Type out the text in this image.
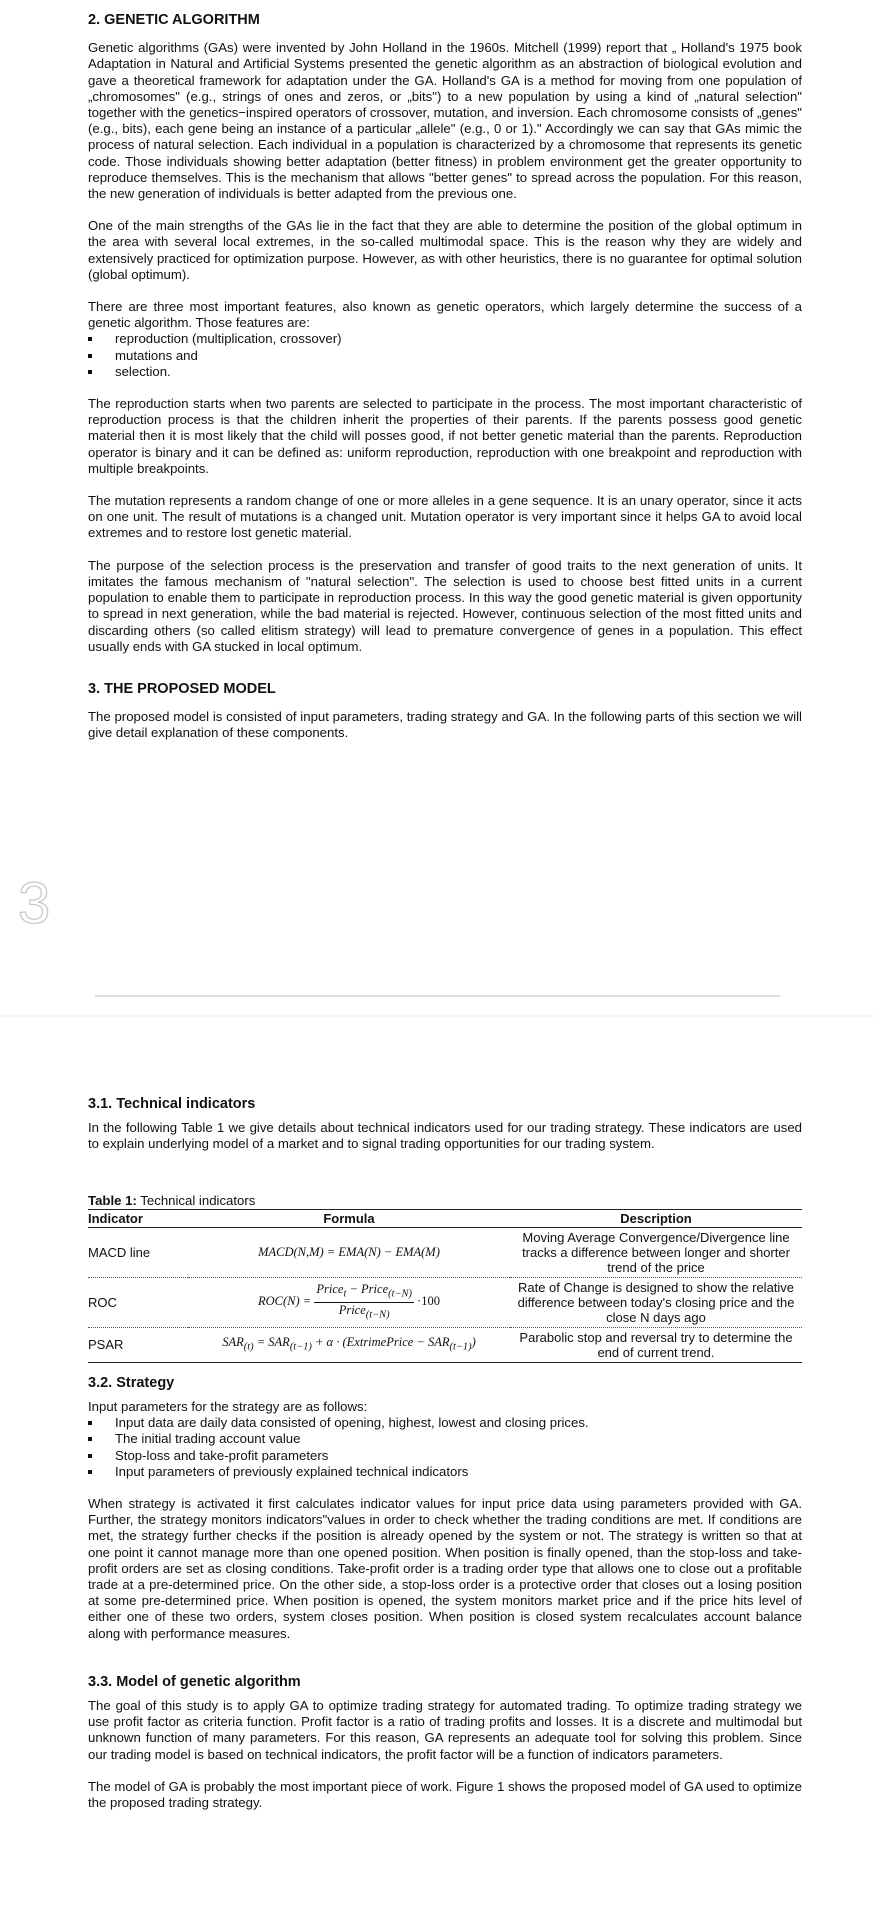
2. GENETIC ALGORITHM

Genetic algorithms (GAs) were invented by John Holland in the 1960s. Mitchell (1999) report that „ Holland's 1975 book Adaptation in Natural and Artificial Systems presented the genetic algorithm as an abstraction of biological evolution and gave a theoretical framework for adaptation under the GA. Holland's GA is a method for moving from one population of „chromosomes" (e.g., strings of ones and zeros, or „bits") to a new population by using a kind of „natural selection" together with the genetics−inspired operators of crossover, mutation, and inversion. Each chromosome consists of „genes" (e.g., bits), each gene being an instance of a particular „allele" (e.g., 0 or 1)." Accordingly we can say that GAs mimic the process of natural selection. Each individual in a population is characterized by a chromosome that represents its genetic code. Those individuals showing better adaptation (better fitness) in problem environment get the greater opportunity to reproduce themselves. This is the mechanism that allows "better genes" to spread across the population. For this reason, the new generation of individuals is better adapted from the previous one.

One of the main strengths of the GAs lie in the fact that they are able to determine the position of the global optimum in the area with several local extremes, in the so-called multimodal space. This is the reason why they are widely and extensively practiced for optimization purpose. However, as with other heuristics, there is no guarantee for optimal solution (global optimum).

There are three most important features, also known as genetic operators, which largely determine the success of a genetic algorithm. Those features are:

reproduction (multiplication, crossover)
mutations and
selection.

The reproduction starts when two parents are selected to participate in the process. The most important characteristic of reproduction process is that the children inherit the properties of their parents. If the parents possess good genetic material then it is most likely that the child will posses good, if not better genetic material than the parents. Reproduction operator is binary and it can be defined as: uniform reproduction, reproduction with one breakpoint and reproduction with multiple breakpoints.

The mutation represents a random change of one or more alleles in a gene sequence. It is an unary operator, since it acts on one unit. The result of mutations is a changed unit. Mutation operator is very important since it helps GA to avoid local extremes and to restore lost genetic material.

The purpose of the selection process is the preservation and transfer of good traits to the next generation of units. It imitates the famous mechanism of "natural selection". The selection is used to choose best fitted units in a current population to enable them to participate in reproduction process. In this way the good genetic material is given opportunity to spread in next generation, while the bad material is rejected. However, continuous selection of the most fitted units and discarding others (so called elitism strategy) will lead to premature convergence of genes in a population. This effect usually ends with GA stucked in local optimum.

3. THE PROPOSED MODEL

The proposed model is consisted of input parameters, trading strategy and GA. In the following parts of this section we will give detail explanation of these components.

3
3.1. Technical indicators

In the following Table 1 we give details about technical indicators used for our trading strategy. These indicators are used to explain underlying model of a market and to signal trading opportunities for our trading system.

Table 1: Technical indicators
Indicator	Formula	Description
MACD line	MACD(N,M) = EMA(N) − EMA(M)	Moving Average Convergence/Divergence line tracks a difference between longer and shorter trend of the price
ROC	$ROC(N) = \frac{Price_t - Price_{(t-N)}}{Price_{(t-N)}} \cdot 100$	Rate of Change is designed to show the relative difference between today's closing price and the close N days ago
PSAR	$SAR_{(t)} = SAR_{(t-1)} + \alpha$ · (ExtrimePrice − $SAR_{(t-1)}$)	Parabolic stop and reversal try to determine the end of current trend.
3.2. Strategy

Input parameters for the strategy are as follows:

Input data are daily data consisted of opening, highest, lowest and closing prices.
The initial trading account value
Stop-loss and take-profit parameters
Input parameters of previously explained technical indicators

When strategy is activated it first calculates indicator values for input price data using parameters provided with GA. Further, the strategy monitors indicators"values in order to check whether the trading conditions are met. If conditions are met, the strategy further checks if the position is already opened by the system or not. The strategy is written so that at one point it cannot manage more than one opened position. When position is finally opened, than the stop-loss and take-profit orders are set as closing conditions. Take-profit order is a trading order type that allows one to close out a profitable trade at a pre-determined price. On the other side, a stop-loss order is a protective order that closes out a losing position at some pre-determined price. When position is opened, the system monitors market price and if the price hits level of either one of these two orders, system closes position. When position is closed system recalculates account balance along with performance measures.

3.3. Model of genetic algorithm

The goal of this study is to apply GA to optimize trading strategy for automated trading. To optimize trading strategy we use profit factor as criteria function. Profit factor is a ratio of trading profits and losses. It is a discrete and multimodal but unknown function of many parameters. For this reason, GA represents an adequate tool for solving this problem. Since our trading model is based on technical indicators, the profit factor will be a function of indicators parameters.

The model of GA is probably the most important piece of work. Figure 1 shows the proposed model of GA used to optimize the proposed trading strategy.
